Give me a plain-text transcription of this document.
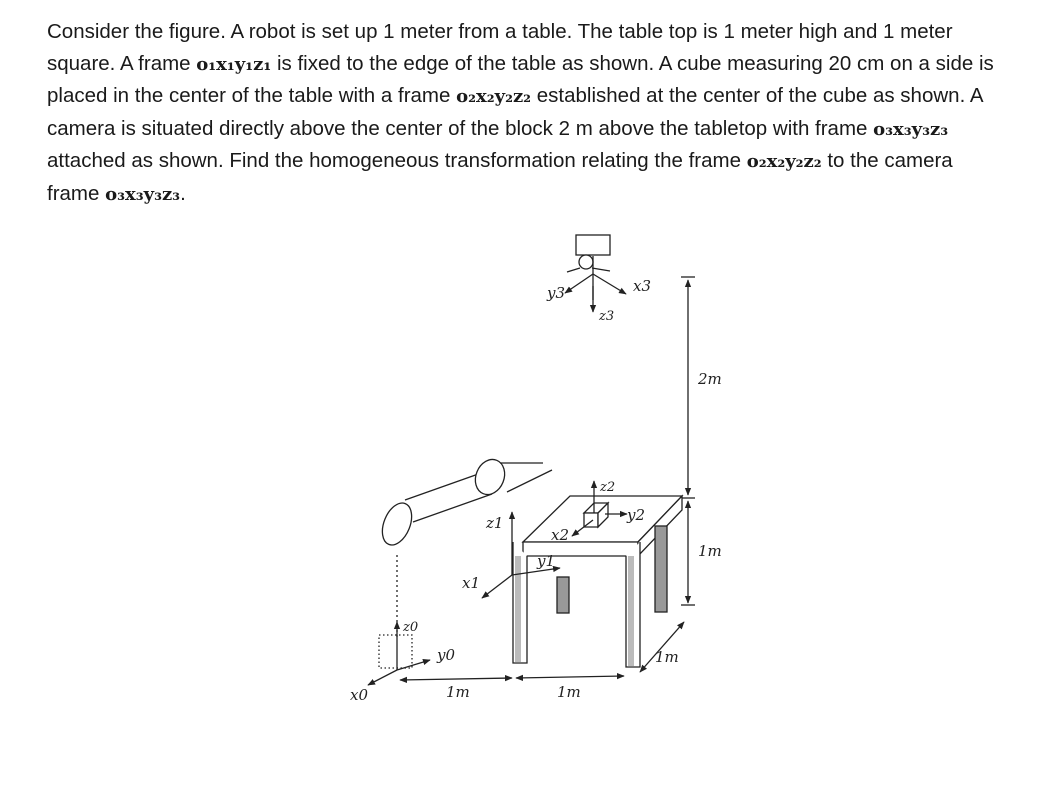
Consider the figure. A robot is set up 1 meter from a table. The table top is 1 meter high and 1 meter square. A frame o₁x₁y₁z₁ is fixed to the edge of the table as shown. A cube measuring 20 cm on a side is placed in the center of the table with a frame o₂x₂y₂z₂ established at the center of the cube as shown. A camera is situated directly above the center of the block 2 m above the tabletop with frame o₃x₃y₃z₃ attached as shown. Find the homogeneous transformation relating the frame o₂x₂y₂z₂ to the camera frame o₃x₃y₃z₃.

y3	x3
z3
2m
1m
z2
y2
x2
z1
y1
x1
z0
y0
x0	1m	1m
1m
